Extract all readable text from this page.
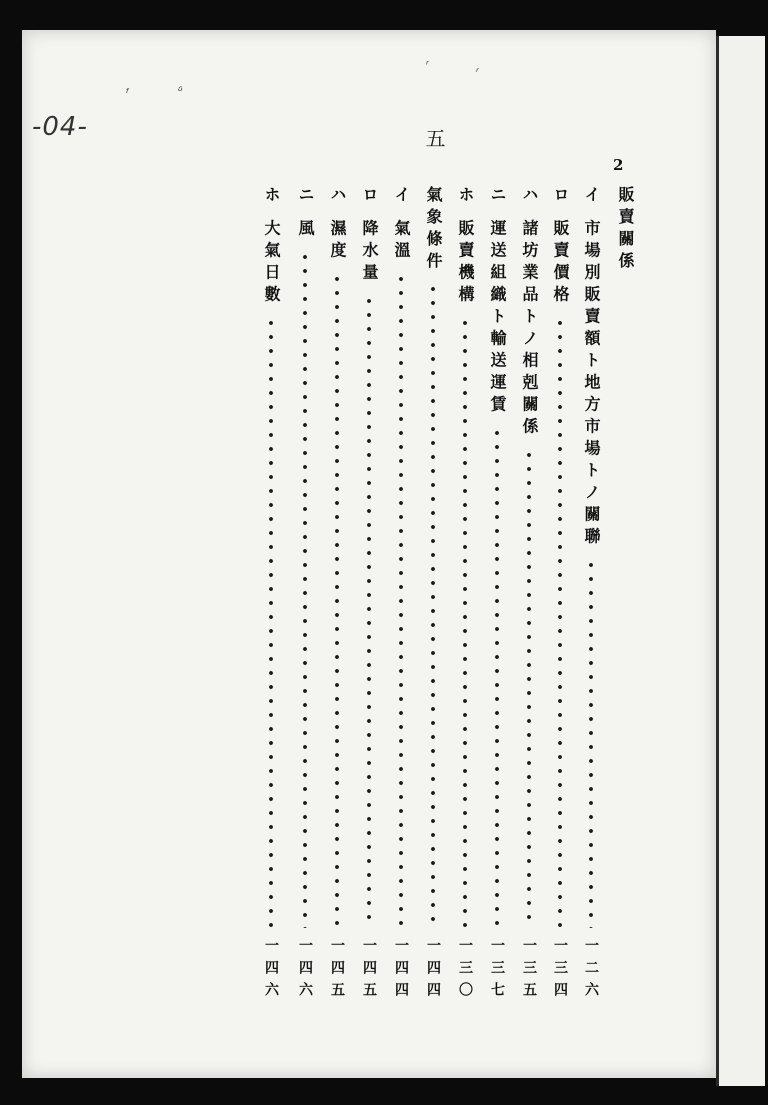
-04-
ᶠ	ᵟ
ʳ	ᵣ
五
2
販賣關係
イ 市場別販賣額ト地方市場トノ關聯
一二六
ロ 販賣價格
一三四
ハ 諸坊業品トノ相剋關係
一三五
ニ 運送組織ト輸送運賃
一三七
ホ 販賣機構
一三〇
氣象條件
一四四
イ 氣溫
一四四
ロ 降水量
一四五
ハ 濕度
一四五
ニ 風
一四六
ホ 大氣日數
一四六
